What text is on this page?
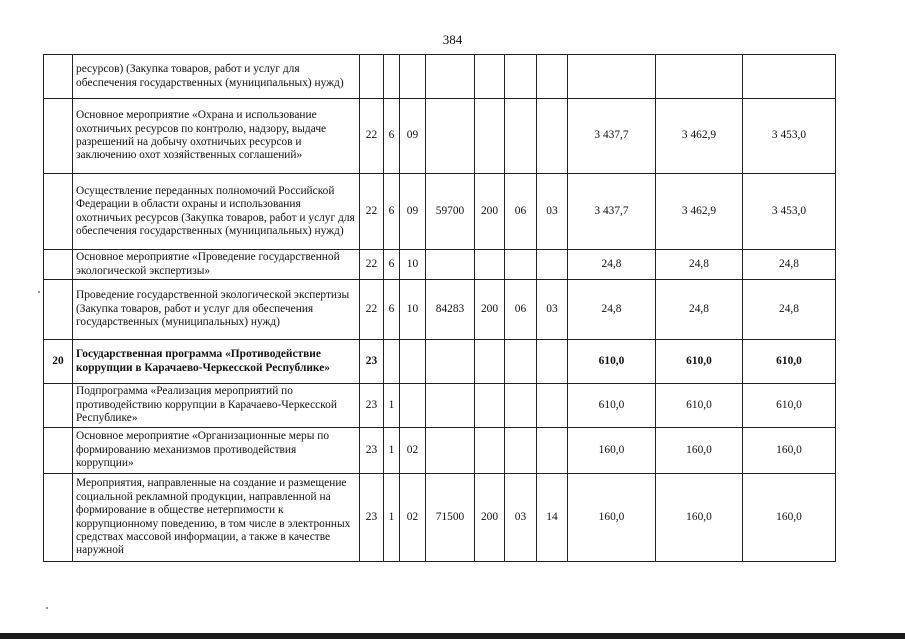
384
	ресурсов) (Закупка товаров, работ и услуг для обеспечения государственных (муниципальных) нужд)										
	Основное мероприятие «Охрана и использование охотничьих ресурсов по контролю, надзору, выдаче разрешений на добычу охотничьих ресурсов и заключению охот хозяйственных соглашений»	22	6	09					3 437,7	3 462,9	3 453,0
	Осуществление переданных полномочий Российской Федерации в области охраны и использования охотничьих ресурсов (Закупка товаров, работ и услуг для обеспечения государственных (муниципальных) нужд)	22	6	09	59700	200	06	03	3 437,7	3 462,9	3 453,0
	Основное мероприятие «Проведение государственной экологической экспертизы»	22	6	10					24,8	24,8	24,8
	Проведение государственной экологической экспертизы (Закупка товаров, работ и услуг для обеспечения государственных (муниципальных) нужд)	22	6	10	84283	200	06	03	24,8	24,8	24,8
20	Государственная программа «Противодействие коррупции в Карачаево-Черкесской Республике»	23							610,0	610,0	610,0
	Подпрограмма «Реализация мероприятий по противодействию коррупции в Карачаево-Черкесской Республике»	23	1						610,0	610,0	610,0
	Основное мероприятие «Организационные меры по формированию механизмов противодействия коррупции»	23	1	02					160,0	160,0	160,0
	Мероприятия, направленные на создание и размещение социальной рекламной продукции, направленной на формирование в обществе нетерпимости к коррупционному поведению, в том числе в электронных средствах массовой информации, а также в качестве наружной	23	1	02	71500	200	03	14	160,0	160,0	160,0
